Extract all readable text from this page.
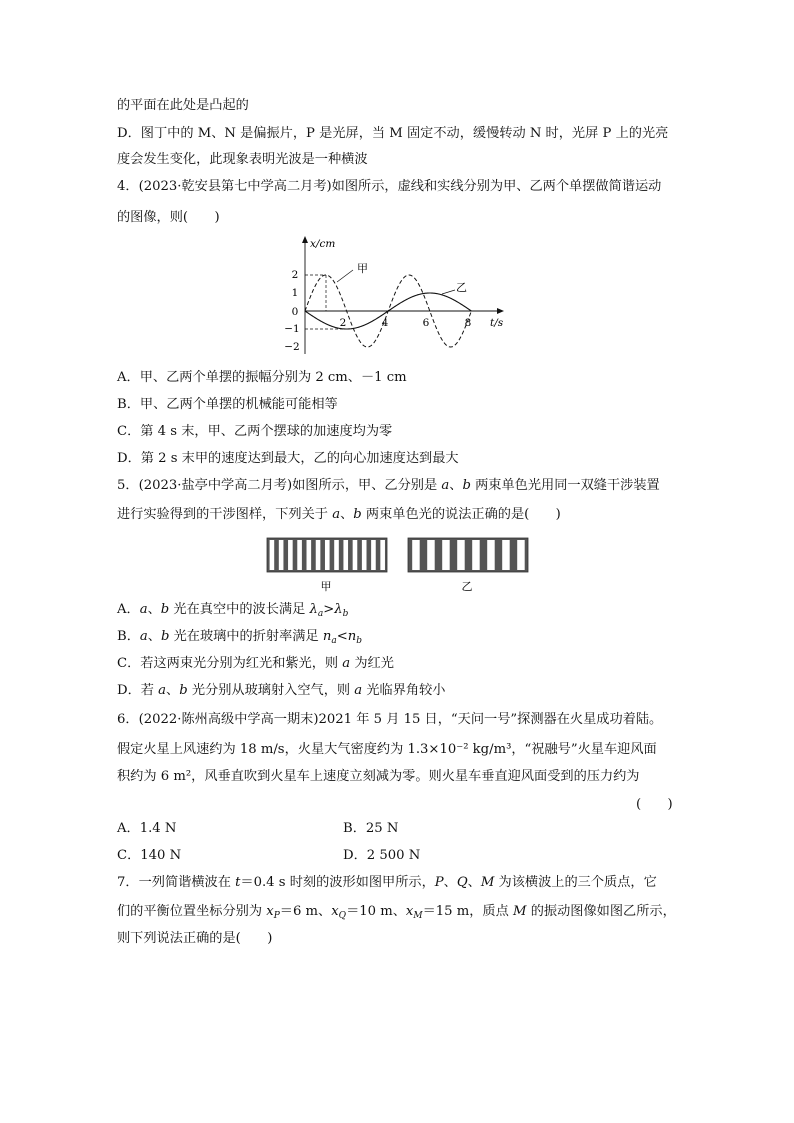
的平面在此处是凸起的
D．图丁中的 M、N 是偏振片，P 是光屏，当 M 固定不动，缓慢转动 N 时，光屏 P 上的光亮
度会发生变化，此现象表明光波是一种横波
4．(2023·乾安县第七中学高二月考)如图所示，虚线和实线分别为甲、乙两个单摆做简谐运动
的图像，则(　　)
x/cm
t/s
2
1
0
−1
−2
2	4	6	8
甲
乙
A．甲、乙两个单摆的振幅分别为 2 cm、－1 cm
B．甲、乙两个单摆的机械能可能相等
C．第 4 s 末，甲、乙两个摆球的加速度均为零
D．第 2 s 末甲的速度达到最大，乙的向心加速度达到最大
5．(2023·盐亭中学高二月考)如图所示，甲、乙分别是 a、b 两束单色光用同一双缝干涉装置
进行实验得到的干涉图样，下列关于 a、b 两束单色光的说法正确的是(　　)
甲	乙
A．a、b 光在真空中的波长满足 $\lambda_a>\lambda_b$
B．a、b 光在玻璃中的折射率满足 $n_a<n_b$
C．若这两束光分别为红光和紫光，则 a 为红光
D．若 a、b 光分别从玻璃射入空气，则 a 光临界角较小
6．(2022·陈州高级中学高一期末)2021 年 5 月 15 日，“天问一号”探测器在火星成功着陆。
假定火星上风速约为 18 m/s，火星大气密度约为 1.3×10⁻² kg/m³，“祝融号”火星车迎风面
积约为 6 m²，风垂直吹到火星车上速度立刻减为零。则火星车垂直迎风面受到的压力约为
(　　)
A．1.4 N	B．25 N
C．140 N	D．2 500 N
7．一列简谐横波在 t＝0.4 s 时刻的波形如图甲所示，P、Q、M 为该横波上的三个质点，它
们的平衡位置坐标分别为 $x_P=6$ m、$x_Q=10$ m、$x_M=15$ m，质点 M 的振动图像如图乙所示，
则下列说法正确的是(　　)
